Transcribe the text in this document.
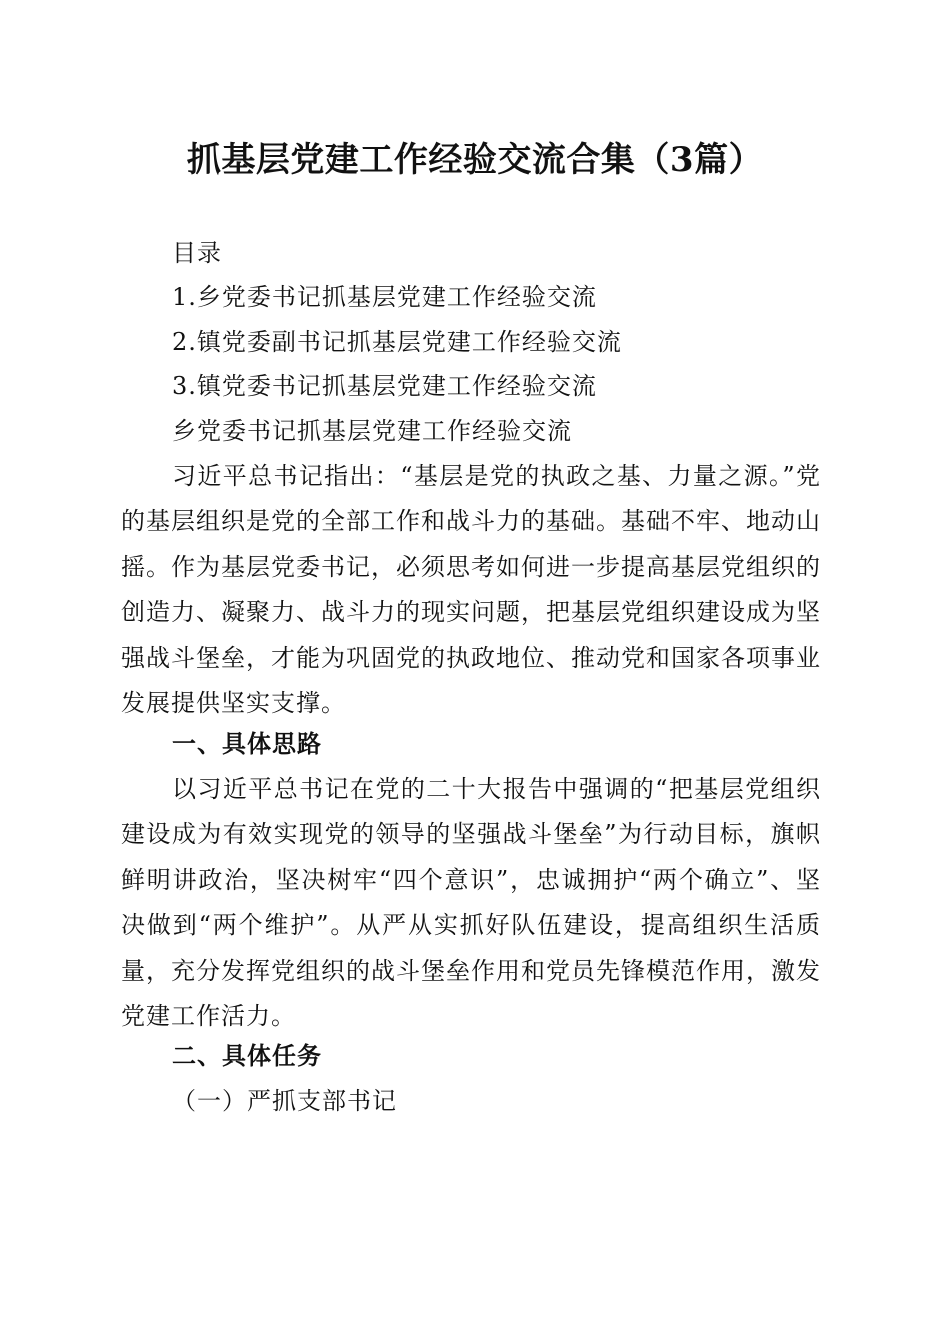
抓基层党建工作经验交流合集（3篇）
目录
1.乡党委书记抓基层党建工作经验交流
2.镇党委副书记抓基层党建工作经验交流
3.镇党委书记抓基层党建工作经验交流
乡党委书记抓基层党建工作经验交流
习近平总书记指出：“基层是党的执政之基、力量之源。”党的基层组织是党的全部工作和战斗力的基础。基础不牢、地动山摇。作为基层党委书记，必须思考如何进一步提高基层党组织的创造力、凝聚力、战斗力的现实问题，把基层党组织建设成为坚强战斗堡垒，才能为巩固党的执政地位、推动党和国家各项事业发展提供坚实支撑。
一、具体思路
以习近平总书记在党的二十大报告中强调的“把基层党组织建设成为有效实现党的领导的坚强战斗堡垒”为行动目标，旗帜鲜明讲政治，坚决树牢“四个意识”，忠诚拥护“两个确立”、坚决做到“两个维护”。从严从实抓好队伍建设，提高组织生活质量，充分发挥党组织的战斗堡垒作用和党员先锋模范作用，激发党建工作活力。
二、具体任务
（一）严抓支部书记
